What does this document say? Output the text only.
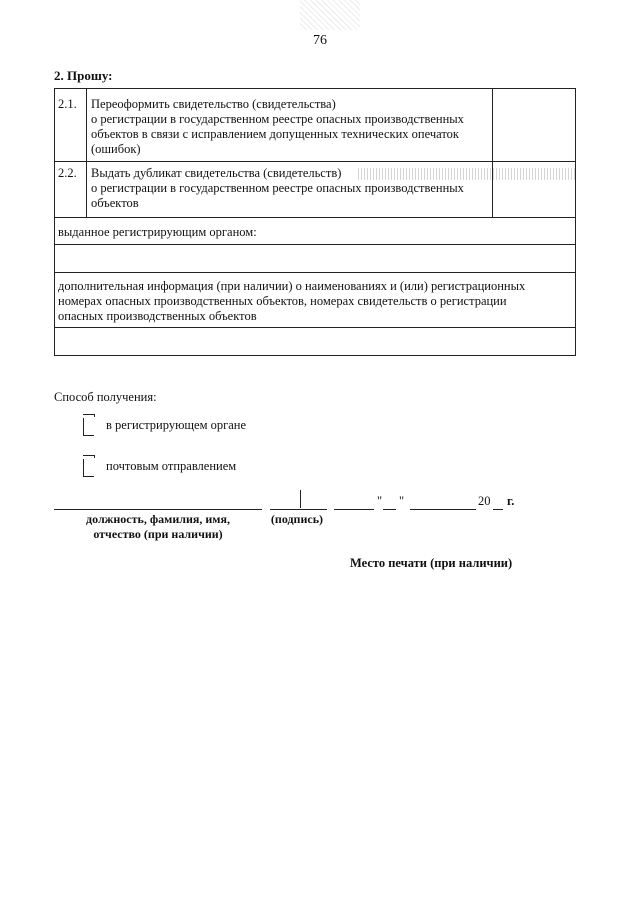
76
2. Прошу:
2.1. Переоформить свидетельство (свидетельства)
о регистрации в государственном реестре опасных производственных
объектов в связи с исправлением допущенных технических опечаток
(ошибок)
2.2. Выдать дубликат свидетельства (свидетельств)
о регистрации в государственном реестре опасных производственных
объектов
выданное регистрирующим органом:
дополнительная информация (при наличии) о наименованиях и (или) регистрационных
номерах опасных производственных объектов, номерах свидетельств о регистрации
опасных производственных объектов
Способ получения:
в регистрирующем органе
почтовым отправлением
" "	20 г.
должность, фамилия, имя,
отчество (при наличии)
(подпись)
Место печати (при наличии)
